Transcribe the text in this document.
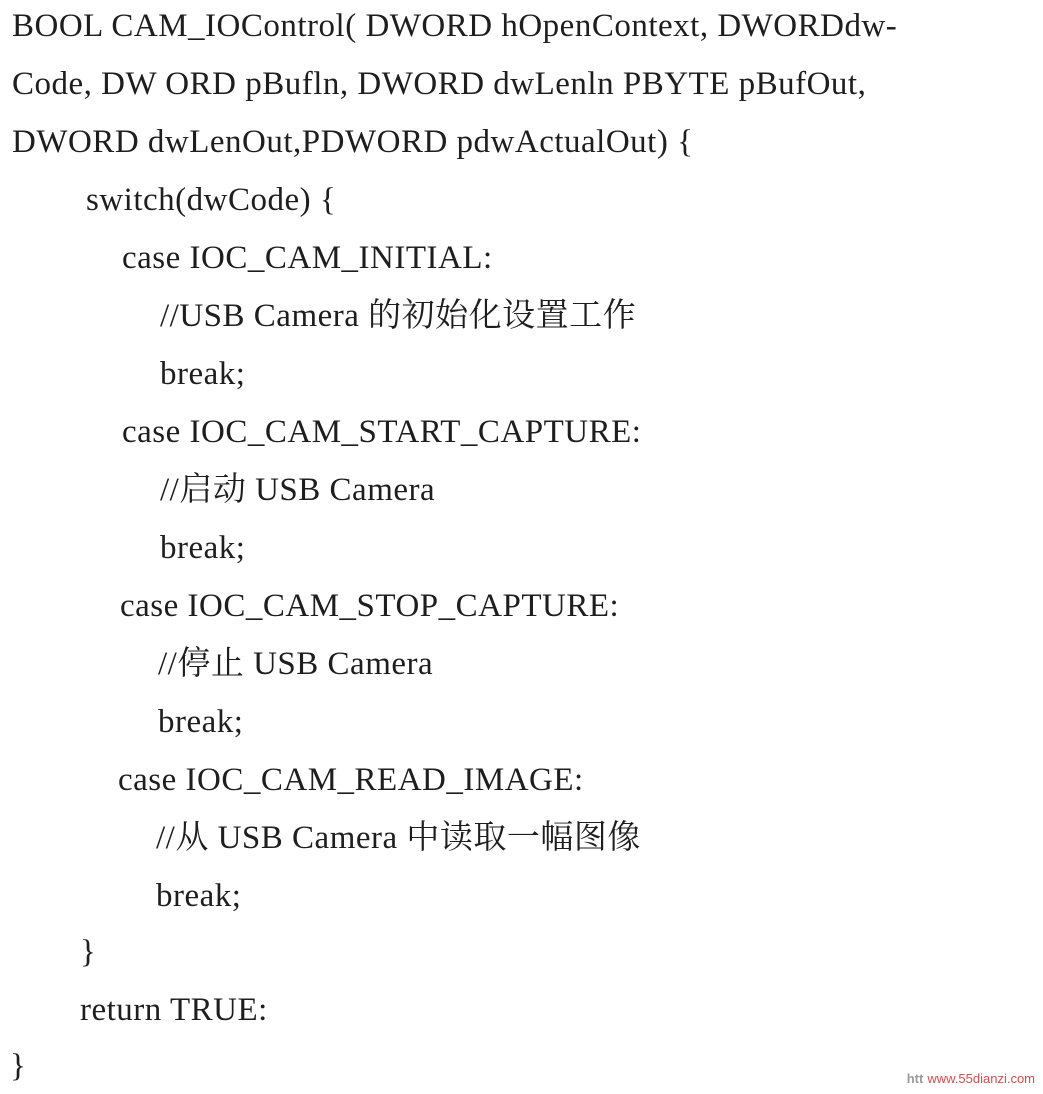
BOOL CAM_IOControl( DWORD hOpenContext, DWORDdw-
Code, DW ORD pBufln, DWORD dwLenln PBYTE pBufOut,
DWORD dwLenOut,PDWORD pdwActualOut) {
switch(dwCode) {
case IOC_CAM_INITIAL:
//USB Camera 的初始化设置工作
break;
case IOC_CAM_START_CAPTURE:
//启动 USB Camera
break;
case IOC_CAM_STOP_CAPTURE:
//停止 USB Camera
break;
case IOC_CAM_READ_IMAGE:
//从 USB Camera 中读取一幅图像
break;
}
return TRUE:
}	htt www.55dianzi.com
